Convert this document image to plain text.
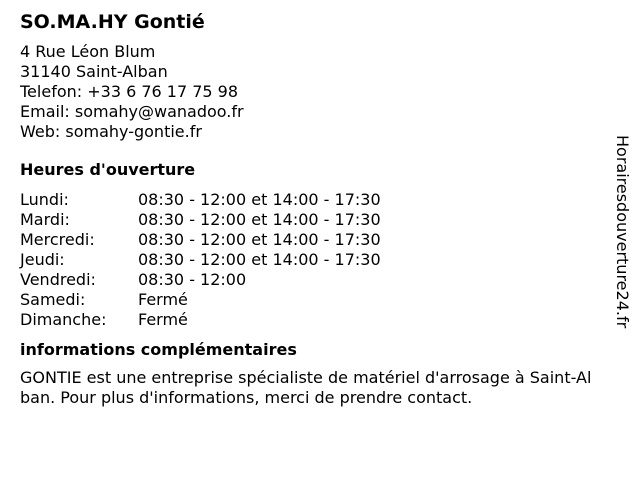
SO.MA.HY Gontié
4 Rue Léon Blum
31140 Saint-Alban
Telefon: +33 6 76 17 75 98
Email: somahy@wanadoo.fr
Web: somahy-gontie.fr
Heures d'ouverture
Lundi:	08:30 - 12:00 et 14:00 - 17:30
Mardi:	08:30 - 12:00 et 14:00 - 17:30
Mercredi:	08:30 - 12:00 et 14:00 - 17:30
Jeudi:	08:30 - 12:00 et 14:00 - 17:30
Vendredi:	08:30 - 12:00
Samedi:	Fermé
Dimanche:	Fermé
informations complémentaires
GONTIE est une entreprise spécialiste de matériel d'arrosage à Saint-Alban. Pour plus d'informations, merci de prendre contact.
Horairesdouverture24.fr
